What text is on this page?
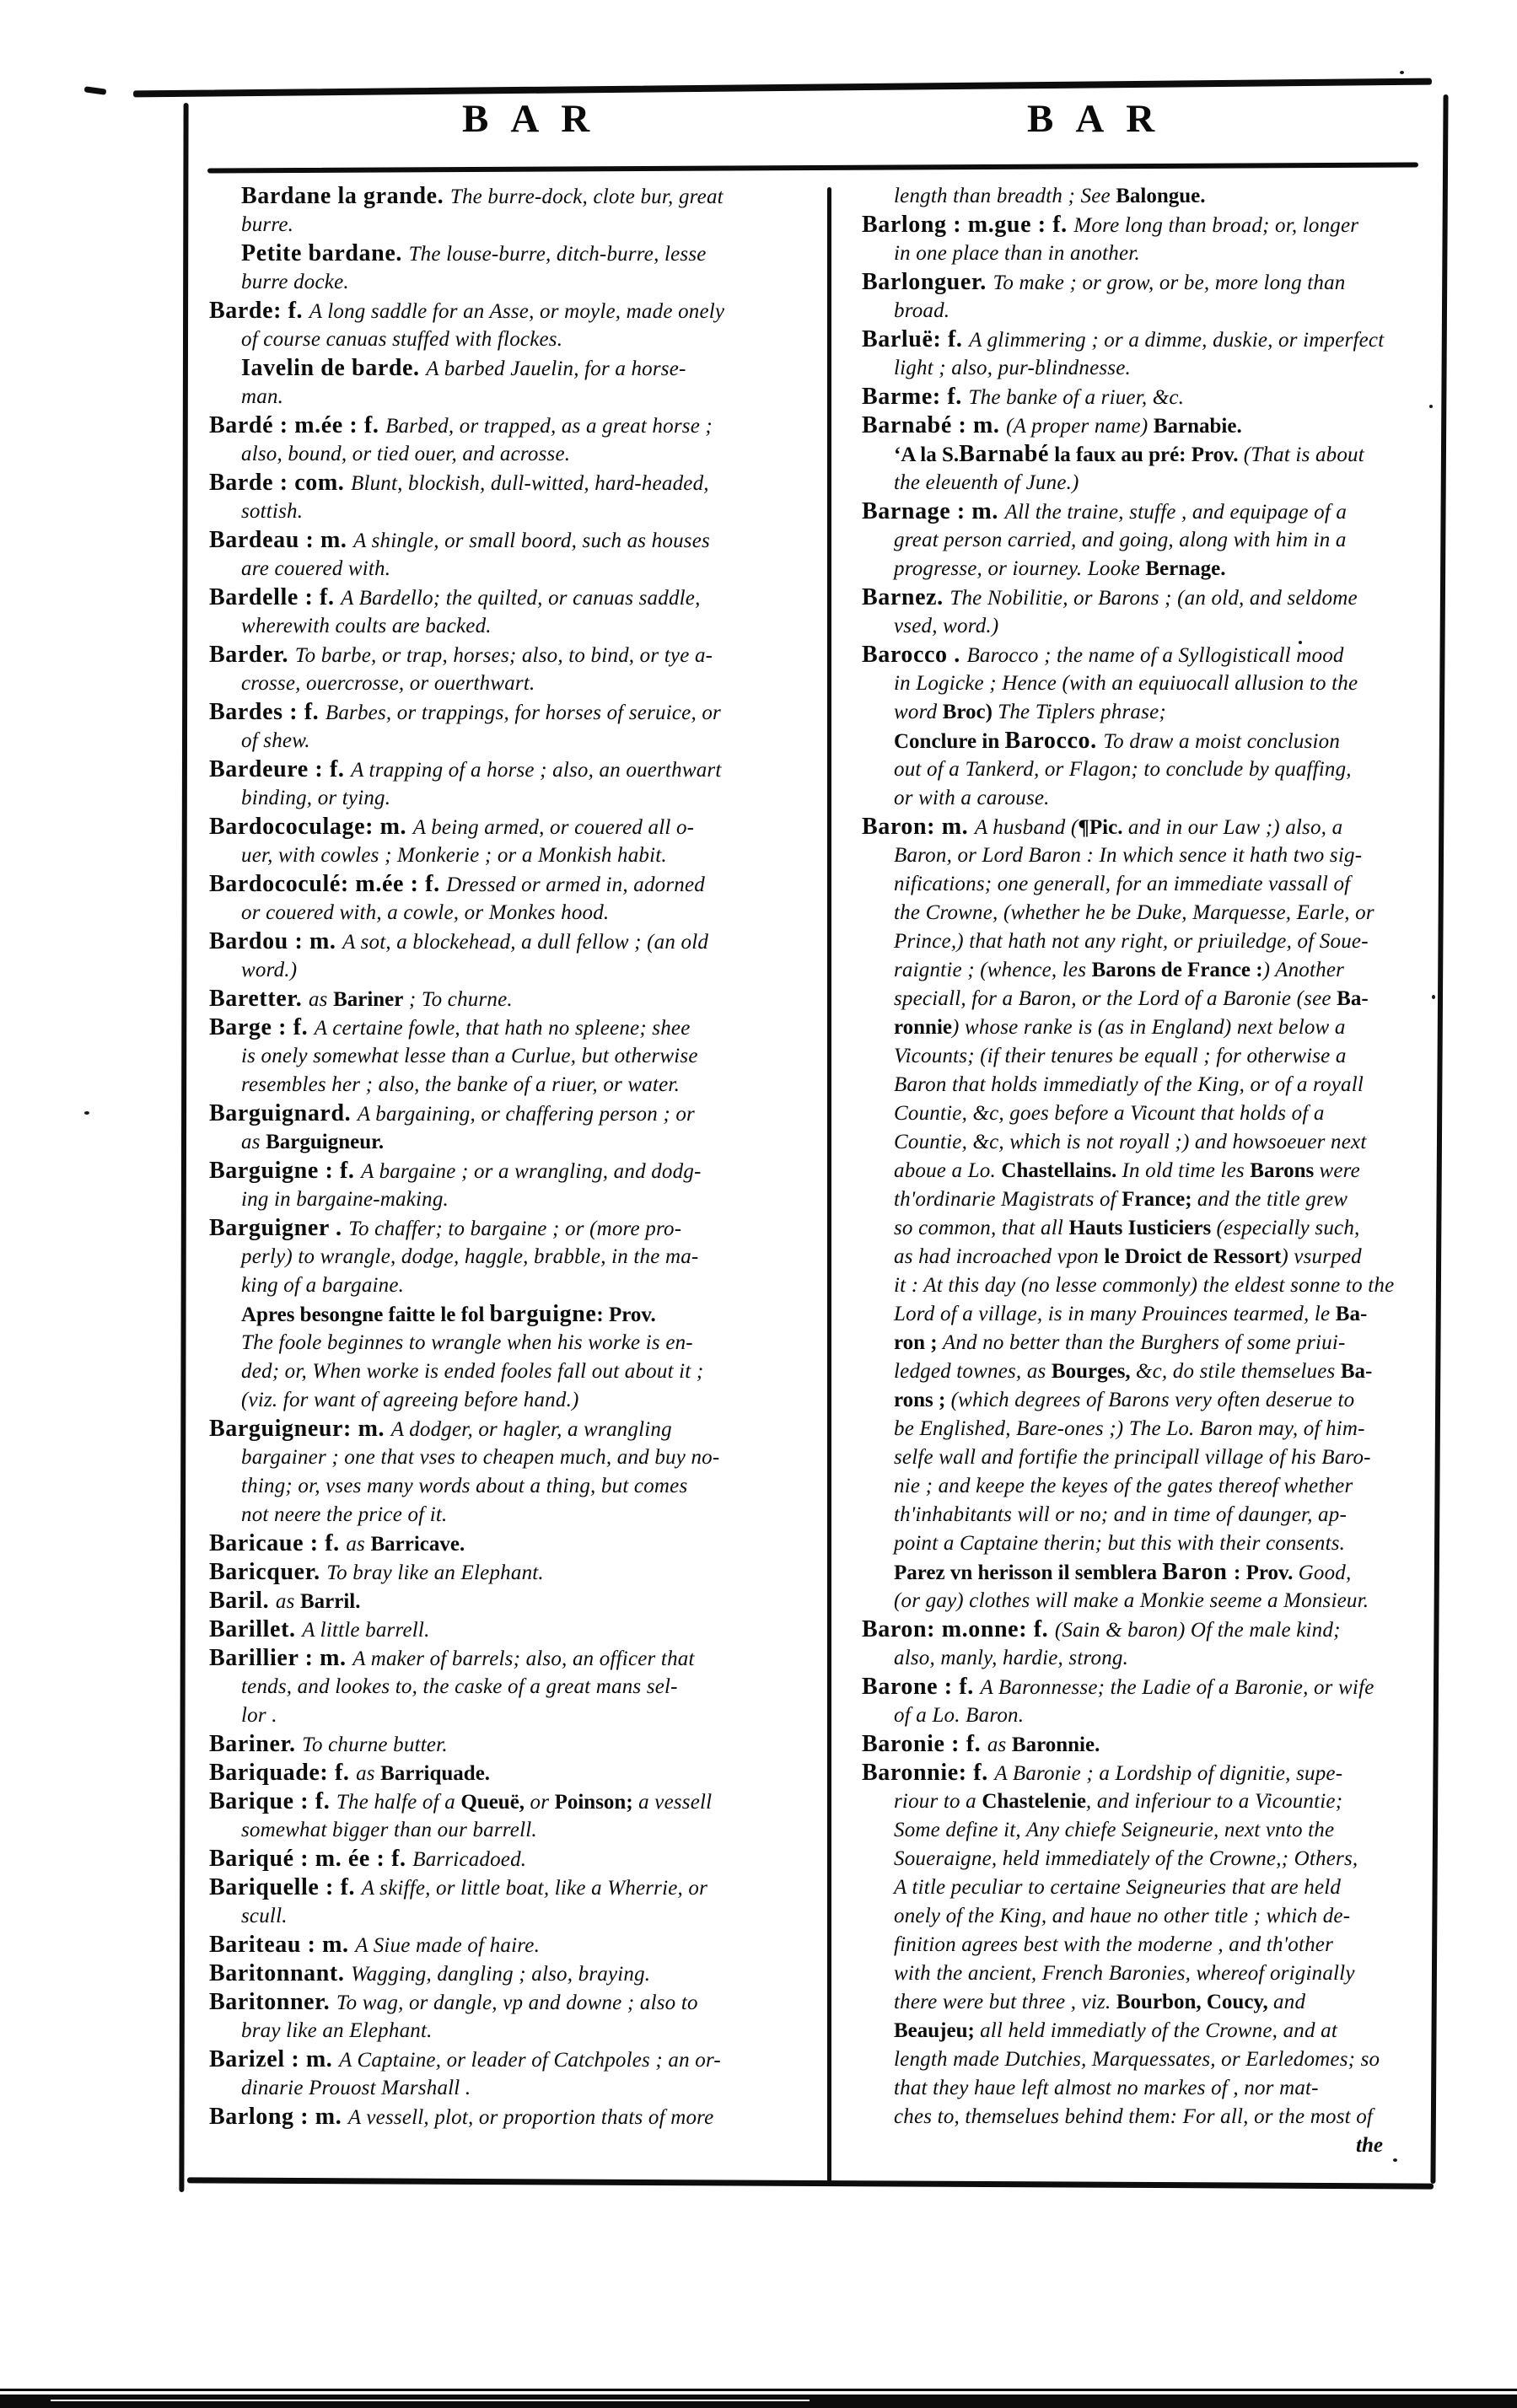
BAR	BAR
Bardane la grande. The burre-dock, clote bur, great
burre.
Petite bardane. The louse-burre, ditch-burre, lesse
burre docke.
Barde: f. A long saddle for an Asse, or moyle, made onely
of course canuas stuffed with flockes.
Iavelin de barde. A barbed Jauelin, for a horse-
man.
Bardé : m.ée : f. Barbed, or trapped, as a great horse ;
also, bound, or tied ouer, and acrosse.
Barde : com. Blunt, blockish, dull-witted, hard-headed,
sottish.
Bardeau : m. A shingle, or small boord, such as houses
are couered with.
Bardelle : f. A Bardello; the quilted, or canuas saddle,
wherewith coults are backed.
Barder. To barbe, or trap, horses; also, to bind, or tye a-
crosse, ouercrosse, or ouerthwart.
Bardes : f. Barbes, or trappings, for horses of seruice, or
of shew.
Bardeure : f. A trapping of a horse ; also, an ouerthwart
binding, or tying.
Bardococulage: m. A being armed, or couered all o-
uer, with cowles ; Monkerie ; or a Monkish habit.
Bardococulé: m.ée : f. Dressed or armed in, adorned
or couered with, a cowle, or Monkes hood.
Bardou : m. A sot, a blockehead, a dull fellow ; (an old
word.)
Baretter. as Bariner ; To churne.
Barge : f. A certaine fowle, that hath no spleene; shee
is onely somewhat lesse than a Curlue, but otherwise
resembles her ; also, the banke of a riuer, or water.
Barguignard. A bargaining, or chaffering person ; or
as Barguigneur.
Barguigne : f. A bargaine ; or a wrangling, and dodg-
ing in bargaine-making.
Barguigner . To chaffer; to bargaine ; or (more pro-
perly) to wrangle, dodge, haggle, brabble, in the ma-
king of a bargaine.
Apres besongne faitte le fol barguigne: Prov.
The foole beginnes to wrangle when his worke is en-
ded; or, When worke is ended fooles fall out about it ;
(viz. for want of agreeing before hand.)
Barguigneur: m. A dodger, or hagler, a wrangling
bargainer ; one that vses to cheapen much, and buy no-
thing; or, vses many words about a thing, but comes
not neere the price of it.
Baricaue : f. as Barricave.
Baricquer. To bray like an Elephant.
Baril. as Barril.
Barillet. A little barrell.
Barillier : m. A maker of barrels; also, an officer that
tends, and lookes to, the caske of a great mans sel-
lor .
Bariner. To churne butter.
Bariquade: f. as Barriquade.
Barique : f. The halfe of a Queuë, or Poinson; a vessell
somewhat bigger than our barrell.
Bariqué : m. ée : f. Barricadoed.
Bariquelle : f. A skiffe, or little boat, like a Wherrie, or
scull.
Bariteau : m. A Siue made of haire.
Baritonnant. Wagging, dangling ; also, braying.
Baritonner. To wag, or dangle, vp and downe ; also to
bray like an Elephant.
Barizel : m. A Captaine, or leader of Catchpoles ; an or-
dinarie Prouost Marshall .
Barlong : m. A vessell, plot, or proportion thats of more
length than breadth ; See Balongue.
Barlong : m.gue : f. More long than broad; or, longer
in one place than in another.
Barlonguer. To make ; or grow, or be, more long than
broad.
Barluë: f. A glimmering ; or a dimme, duskie, or imperfect
light ; also, pur-blindnesse.
Barme: f. The banke of a riuer, &c.
Barnabé : m. (A proper name) Barnabie.
ʻA la S.Barnabé la faux au pré: Prov. (That is about
the eleuenth of June.)
Barnage : m. All the traine, stuffe , and equipage of a
great person carried, and going, along with him in a
progresse, or iourney. Looke Bernage.
Barnez. The Nobilitie, or Barons ; (an old, and seldome
vsed, word.)
Barocco . Barocco ; the name of a Syllogisticall mood
in Logicke ; Hence (with an equiuocall allusion to the
word Broc) The Tiplers phrase;
Conclure in Barocco. To draw a moist conclusion
out of a Tankerd, or Flagon; to conclude by quaffing,
or with a carouse.
Baron: m. A husband (¶Pic. and in our Law ;) also, a
Baron, or Lord Baron : In which sence it hath two sig-
nifications; one generall, for an immediate vassall of
the Crowne, (whether he be Duke, Marquesse, Earle, or
Prince,) that hath not any right, or priuiledge, of Soue-
raigntie ; (whence, les Barons de France :) Another
speciall, for a Baron, or the Lord of a Baronie (see Ba-
ronnie) whose ranke is (as in England) next below a
Vicounts; (if their tenures be equall ; for otherwise a
Baron that holds immediatly of the King, or of a royall
Countie, &c, goes before a Vicount that holds of a
Countie, &c, which is not royall ;) and howsoeuer next
aboue a Lo. Chastellains. In old time les Barons were
th'ordinarie Magistrats of France; and the title grew
so common, that all Hauts Iusticiers (especially such,
as had incroached vpon le Droict de Ressort) vsurped
it : At this day (no lesse commonly) the eldest sonne to the
Lord of a village, is in many Prouinces tearmed, le Ba-
ron ; And no better than the Burghers of some priui-
ledged townes, as Bourges, &c, do stile themselues Ba-
rons ; (which degrees of Barons very often deserue to
be Englished, Bare-ones ;) The Lo. Baron may, of him-
selfe wall and fortifie the principall village of his Baro-
nie ; and keepe the keyes of the gates thereof whether
th'inhabitants will or no; and in time of daunger, ap-
point a Captaine therin; but this with their consents.
Parez vn herisson il semblera Baron : Prov. Good,
(or gay) clothes will make a Monkie seeme a Monsieur.
Baron: m.onne: f. (Sain & baron) Of the male kind;
also, manly, hardie, strong.
Barone : f. A Baronnesse; the Ladie of a Baronie, or wife
of a Lo. Baron.
Baronie : f. as Baronnie.
Baronnie: f. A Baronie ; a Lordship of dignitie, supe-
riour to a Chastelenie, and inferiour to a Vicountie;
Some define it, Any chiefe Seigneurie, next vnto the
Soueraigne, held immediately of the Crowne,; Others,
A title peculiar to certaine Seigneuries that are held
onely of the King, and haue no other title ; which de-
finition agrees best with the moderne , and th'other
with the ancient, French Baronies, whereof originally
there were but three , viz. Bourbon, Coucy, and
Beaujeu; all held immediatly of the Crowne, and at
length made Dutchies, Marquessates, or Earledomes; so
that they haue left almost no markes of , nor mat-
ches to, themselues behind them: For all, or the most of
the
